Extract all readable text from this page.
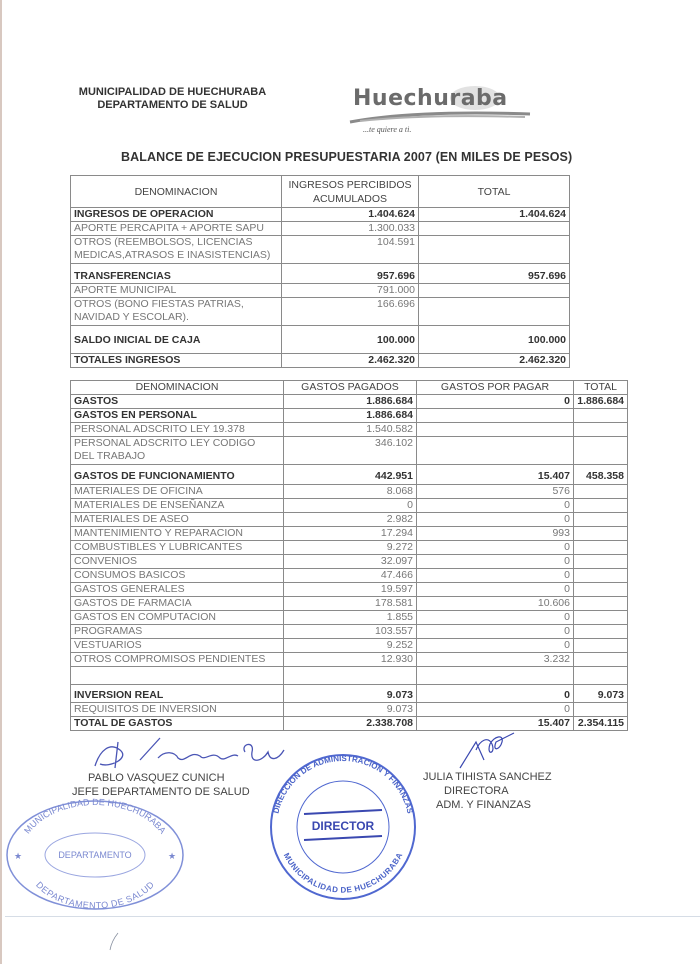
MUNICIPALIDAD DE HUECHURABA
DEPARTAMENTO DE SALUD	Huechuraba
...te quiere a ti.
BALANCE DE EJECUCION PRESUPUESTARIA 2007 (EN MILES DE PESOS)
DENOMINACION	INGRESOS PERCIBIDOS ACUMULADOS	TOTAL

INGRESOS DE OPERACION	1.404.624	1.404.624

APORTE PERCAPITA + APORTE SAPU	1.300.033	

OTROS (REEMBOLSOS, LICENCIAS
MEDICAS,ATRASOS E INASISTENCIAS)	104.591	

TRANSFERENCIAS	957.696	957.696

APORTE MUNICIPAL	791.000	

OTROS (BONO FIESTAS PATRIAS,
NAVIDAD Y ESCOLAR).	166.696	

SALDO INICIAL DE CAJA	100.000	100.000

TOTALES INGRESOS	2.462.320	2.462.320
DENOMINACION	GASTOS PAGADOS	GASTOS POR PAGAR	TOTAL

GASTOS	1.886.684	0	1.886.684

GASTOS EN PERSONAL	1.886.684		

PERSONAL ADSCRITO LEY 19.378	1.540.582		

PERSONAL ADSCRITO LEY CODIGO
DEL TRABAJO	346.102		

GASTOS DE FUNCIONAMIENTO	442.951	15.407	458.358

MATERIALES DE OFICINA	8.068	576	

MATERIALES DE ENSEÑANZA	0	0	

MATERIALES DE ASEO	2.982	0	

MANTENIMIENTO Y REPARACION	17.294	993	

COMBUSTIBLES Y LUBRICANTES	9.272	0	

CONVENIOS	32.097	0	

CONSUMOS BASICOS	47.466	0	

GASTOS GENERALES	19.597	0	

GASTOS DE FARMACIA	178.581	10.606	

GASTOS EN COMPUTACION	1.855	0	

PROGRAMAS	103.557	0	

VESTUARIOS	9.252	0	

OTROS COMPROMISOS PENDIENTES	12.930	3.232	

INVERSION REAL	9.073	0	9.073

REQUISITOS DE INVERSION	9.073	0	

TOTAL DE GASTOS	2.338.708	15.407	2.354.115
MUNICIPALIDAD DE HUECHURABA
DEPARTAMENTO DE SALUD
DEPARTAMENTO
★	★
PABLO VASQUEZ CUNICH
JEFE DEPARTAMENTO DE SALUD
DIRECCION DE ADMINISTRACION Y FINANZAS
MUNICIPALIDAD DE HUECHURABA
DIRECTOR
JULIA TIHISTA SANCHEZ
DIRECTORA
ADM. Y FINANZAS
